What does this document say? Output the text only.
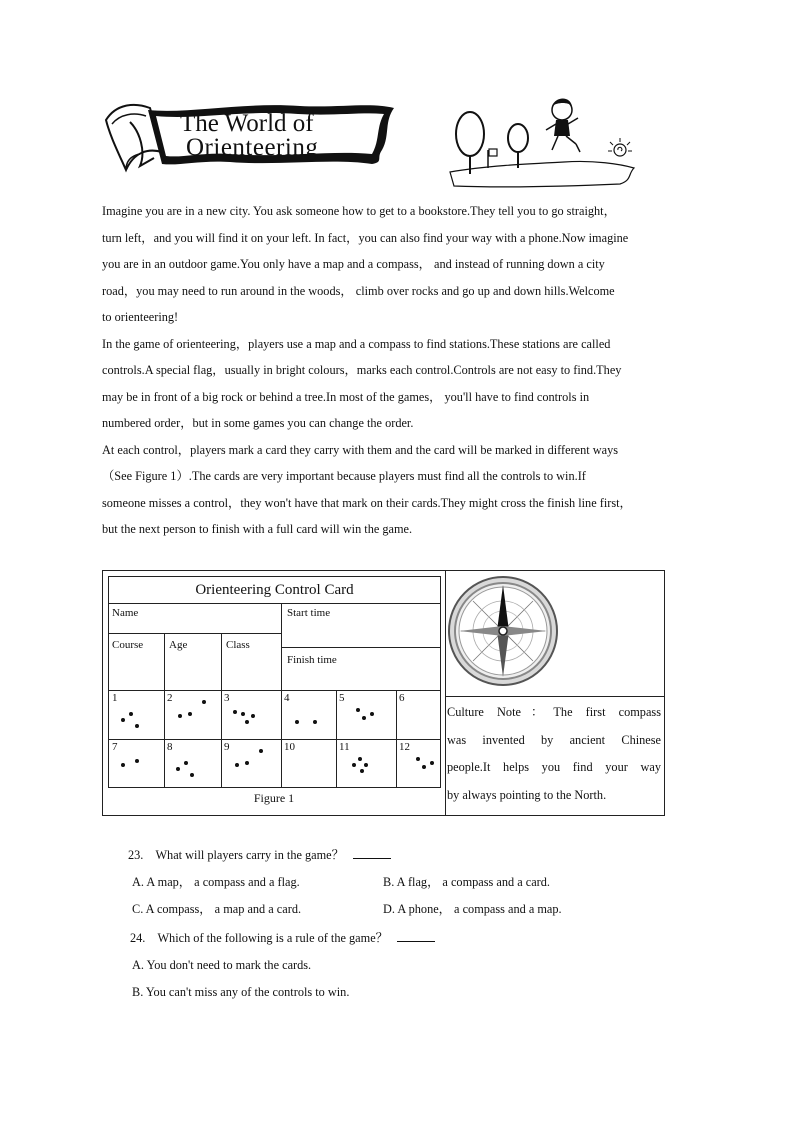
The World of
Orienteering

Imagine you are in a new city. You ask someone how to get to a bookstore.They tell you to go straight，
turn left，and you will find it on your left. In fact，you can also find your way with a phone.Now imagine
you are in an outdoor game.You only have a map and a compass， and instead of running down a city
road，you may need to run around in the woods， climb over rocks and go up and down hills.Welcome
to orienteering!

In the game of orienteering，players use a map and a compass to find stations.These stations are called
controls.A special flag，usually in bright colours，marks each control.Controls are not easy to find.They
may be in front of a big rock or behind a tree.In most of the games， you'll have to find controls in
numbered order，but in some games you can change the order.

At each control，players mark a card they carry with them and the card will be marked in different ways
（See Figure 1）.The cards are very important because players must find all the controls to win.If
someone misses a control，they won't have that mark on their cards.They might cross the finish line first，
but the next person to finish with a full card will win the game.

Orienteering Control Card
Name	Start time
Course Age	Class
Finish time
1	2	3	4	5	6
7	8	9	10	11	12
Figure 1
Culture Note：The first compass
was invented by ancient Chinese
people.It helps you find your way
by always pointing to the North.
23. What will players carry in the game？
A. A map， a compass and a flag.	B. A flag， a compass and a card.
C. A compass， a map and a card.	D. A phone， a compass and a map.
24. Which of the following is a rule of the game？
A. You don't need to mark the cards.
B. You can't miss any of the controls to win.
